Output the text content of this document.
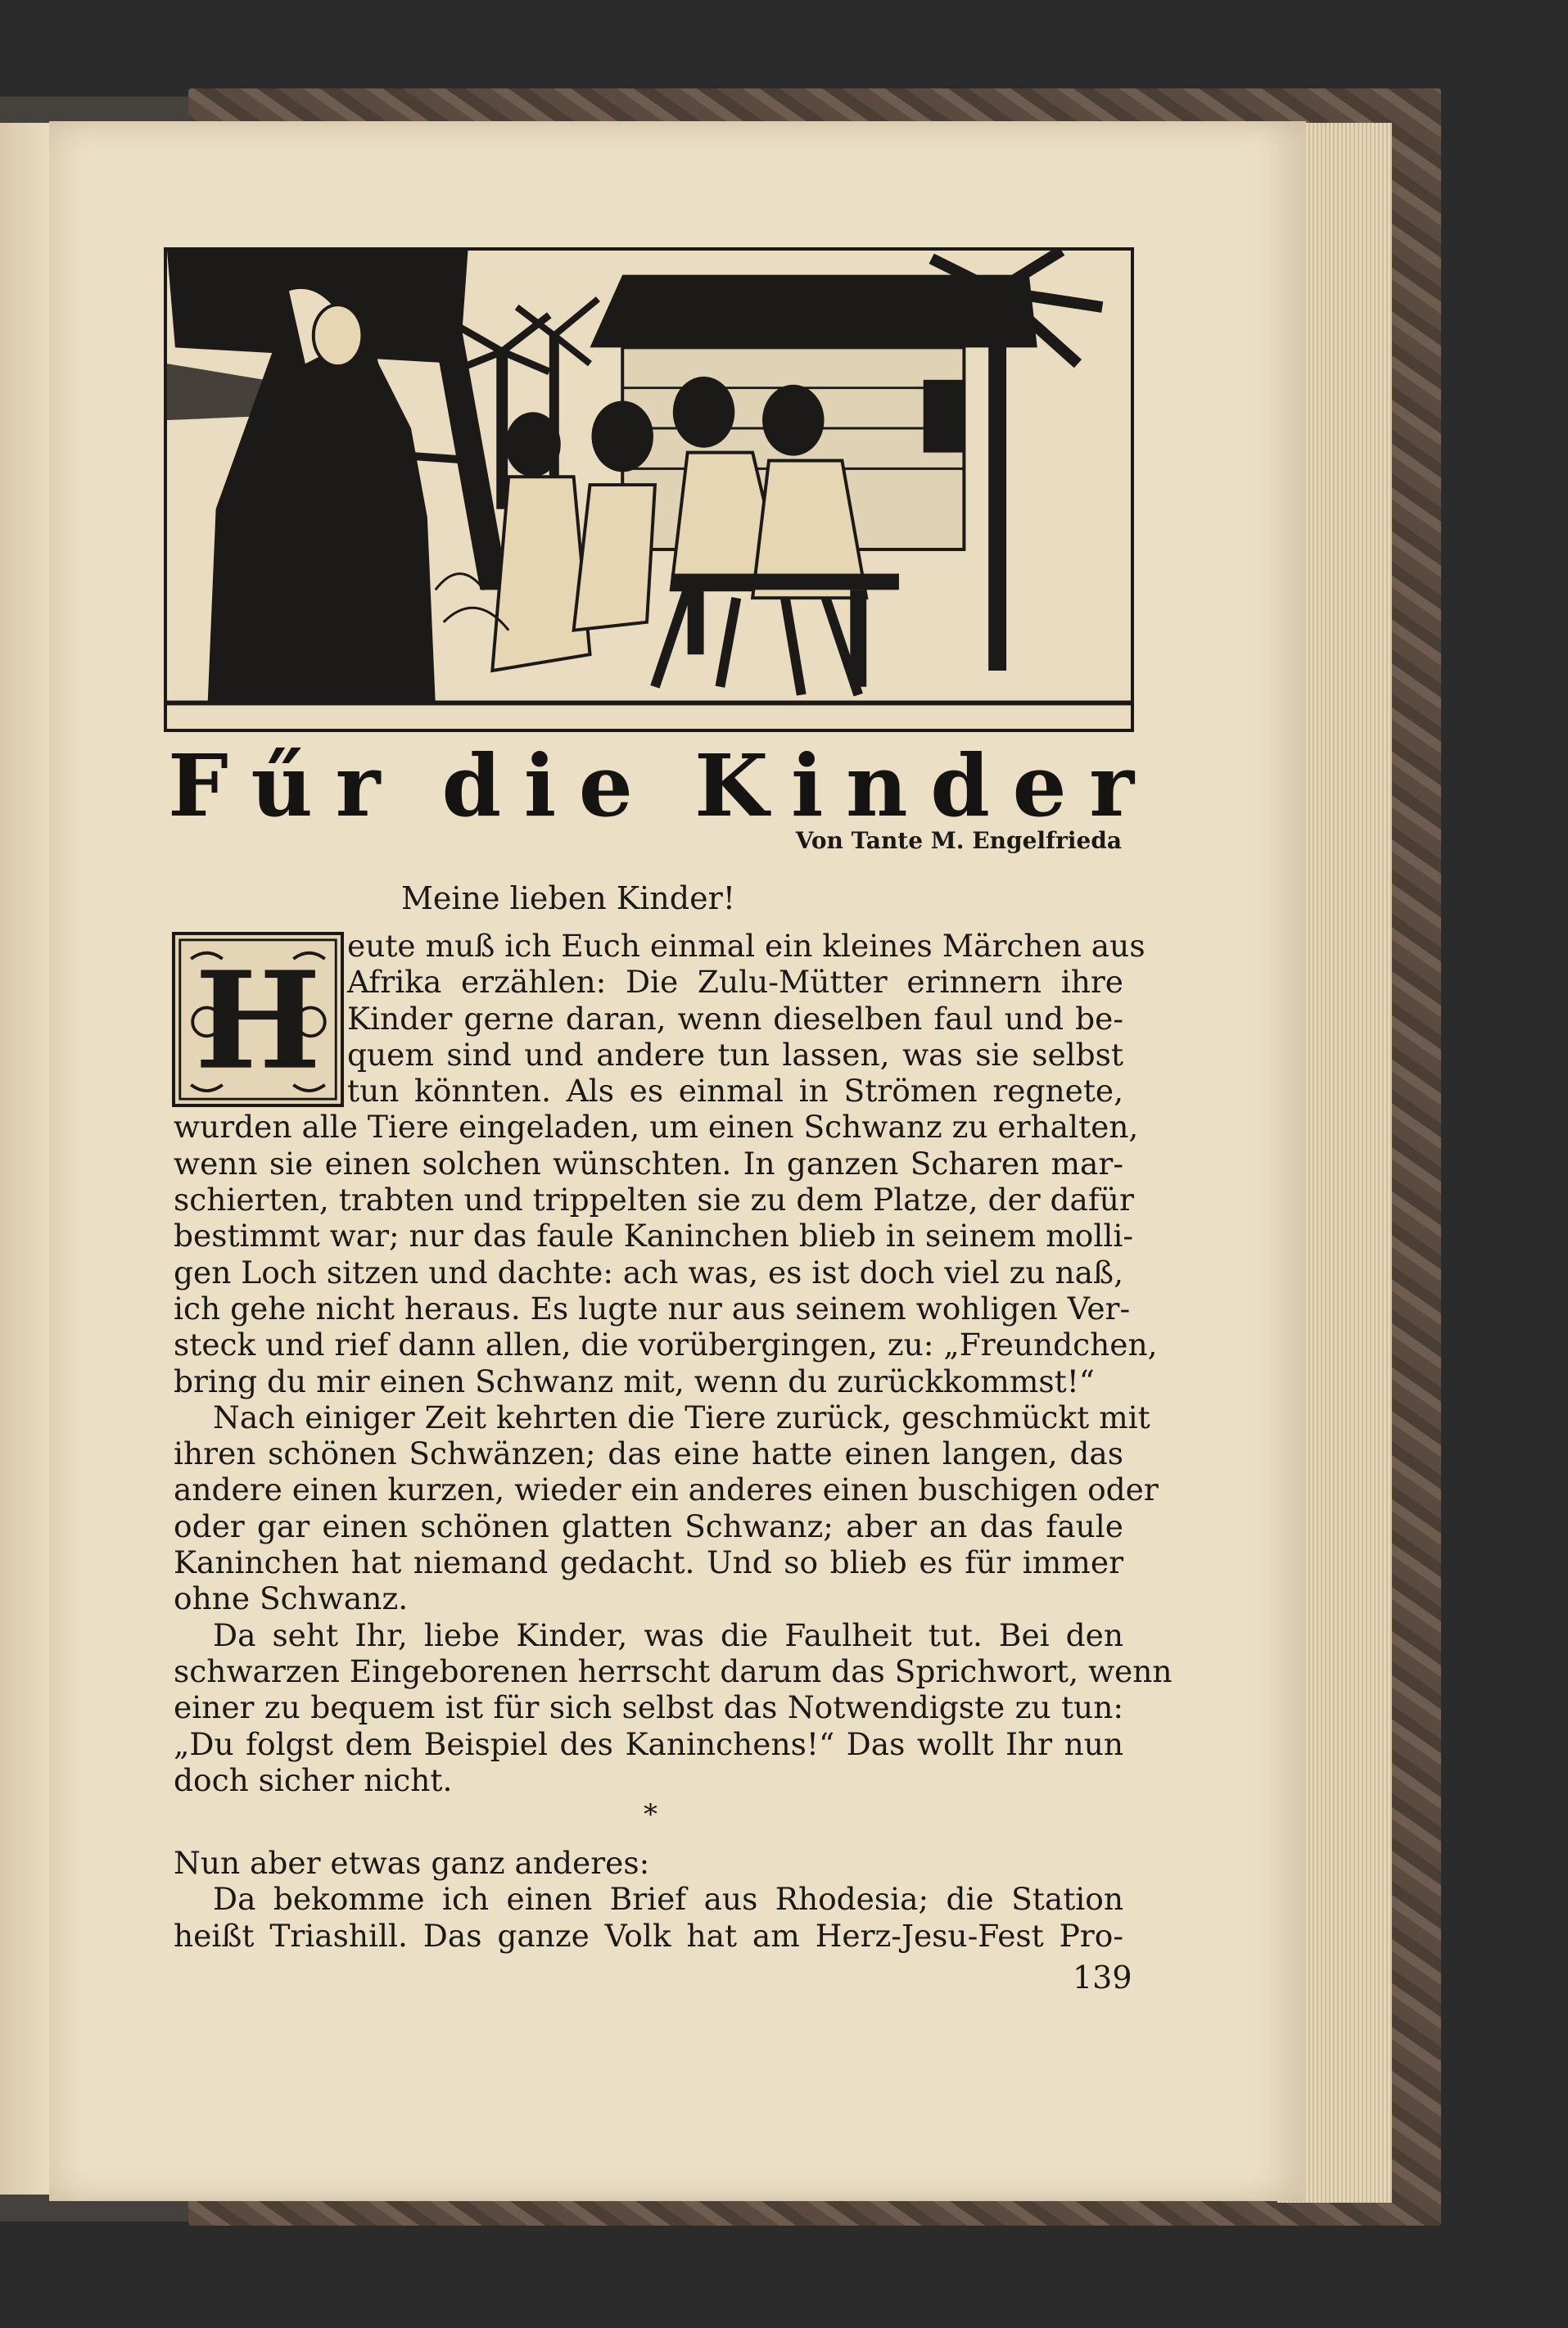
F ű r d i e K i n d e r
Von Tante M. Engelfrieda
Meine lieben Kinder!
H eute muß ich Euch einmal ein kleines Märchen aus
Afrika erzählen: Die Zulu-Mütter erinnern ihre
Kinder gerne daran, wenn dieselben faul und be-
quem sind und andere tun lassen, was sie selbst
tun könnten. Als es einmal in Strömen regnete,
wurden alle Tiere eingeladen, um einen Schwanz zu erhalten,
wenn sie einen solchen wünschten. In ganzen Scharen mar-
schierten, trabten und trippelten sie zu dem Platze, der dafür
bestimmt war; nur das faule Kaninchen blieb in seinem molli-
gen Loch sitzen und dachte: ach was, es ist doch viel zu naß,
ich gehe nicht heraus. Es lugte nur aus seinem wohligen Ver-
steck und rief dann allen, die vorübergingen, zu: „Freundchen,
bring du mir einen Schwanz mit, wenn du zurückkommst!“
Nach einiger Zeit kehrten die Tiere zurück, geschmückt mit
ihren schönen Schwänzen; das eine hatte einen langen, das
andere einen kurzen, wieder ein anderes einen buschigen oder
oder gar einen schönen glatten Schwanz; aber an das faule
Kaninchen hat niemand gedacht. Und so blieb es für immer
ohne Schwanz.
Da seht Ihr, liebe Kinder, was die Faulheit tut. Bei den
schwarzen Eingeborenen herrscht darum das Sprichwort, wenn
einer zu bequem ist für sich selbst das Notwendigste zu tun:
„Du folgst dem Beispiel des Kaninchens!“ Das wollt Ihr nun
doch sicher nicht.
*
Nun aber etwas ganz anderes:
Da bekomme ich einen Brief aus Rhodesia; die Station
heißt Triashill. Das ganze Volk hat am Herz-Jesu-Fest Pro-
139
